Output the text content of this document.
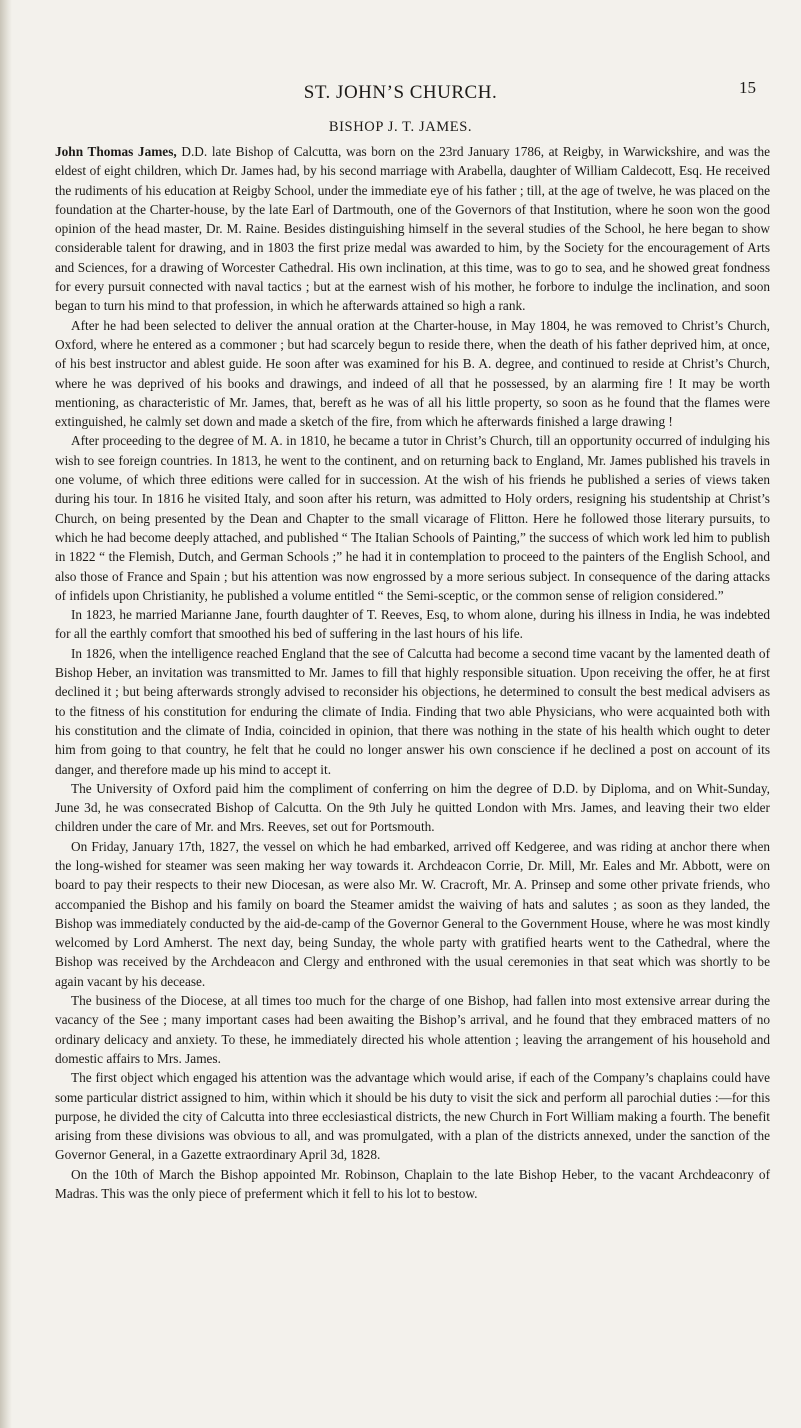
ST. JOHN’S CHURCH.	15
BISHOP J. T. JAMES.

John Thomas James, D.D. late Bishop of Calcutta, was born on the 23rd January 1786, at Reigby, in Warwickshire, and was the eldest of eight children, which Dr. James had, by his second marriage with Arabella, daughter of William Caldecott, Esq. He received the rudiments of his education at Reigby School, under the immediate eye of his father ; till, at the age of twelve, he was placed on the foundation at the Charter-house, by the late Earl of Dartmouth, one of the Governors of that Institution, where he soon won the good opinion of the head master, Dr. M. Raine. Besides distinguishing himself in the several studies of the School, he here began to show considerable talent for drawing, and in 1803 the first prize medal was awarded to him, by the Society for the encouragement of Arts and Sciences, for a drawing of Worcester Cathedral. His own inclination, at this time, was to go to sea, and he showed great fondness for every pursuit connected with naval tactics ; but at the earnest wish of his mother, he forbore to indulge the inclination, and soon began to turn his mind to that profession, in which he afterwards attained so high a rank.

After he had been selected to deliver the annual oration at the Charter-house, in May 1804, he was removed to Christ’s Church, Oxford, where he entered as a commoner ; but had scarcely begun to reside there, when the death of his father deprived him, at once, of his best instructor and ablest guide. He soon after was examined for his B. A. degree, and continued to reside at Christ’s Church, where he was deprived of his books and drawings, and indeed of all that he possessed, by an alarming fire ! It may be worth mentioning, as characteristic of Mr. James, that, bereft as he was of all his little property, so soon as he found that the flames were extinguished, he calmly set down and made a sketch of the fire, from which he afterwards finished a large drawing !

After proceeding to the degree of M. A. in 1810, he became a tutor in Christ’s Church, till an opportunity occurred of indulging his wish to see foreign countries. In 1813, he went to the continent, and on returning back to England, Mr. James published his travels in one volume, of which three editions were called for in succession. At the wish of his friends he published a series of views taken during his tour. In 1816 he visited Italy, and soon after his return, was admitted to Holy orders, resigning his studentship at Christ’s Church, on being presented by the Dean and Chapter to the small vicarage of Flitton. Here he followed those literary pursuits, to which he had become deeply attached, and published “ The Italian Schools of Painting,” the success of which work led him to publish in 1822 “ the Flemish, Dutch, and German Schools ;” he had it in contemplation to proceed to the painters of the English School, and also those of France and Spain ; but his attention was now engrossed by a more serious subject. In consequence of the daring attacks of infidels upon Christianity, he published a volume entitled “ the Semi-sceptic, or the common sense of religion considered.”

In 1823, he married Marianne Jane, fourth daughter of T. Reeves, Esq, to whom alone, during his illness in India, he was indebted for all the earthly comfort that smoothed his bed of suffering in the last hours of his life.

In 1826, when the intelligence reached England that the see of Calcutta had become a second time vacant by the lamented death of Bishop Heber, an invitation was transmitted to Mr. James to fill that highly responsible situation. Upon receiving the offer, he at first declined it ; but being afterwards strongly advised to reconsider his objections, he determined to consult the best medical advisers as to the fitness of his constitution for enduring the climate of India. Finding that two able Physicians, who were acquainted both with his constitution and the climate of India, coincided in opinion, that there was nothing in the state of his health which ought to deter him from going to that country, he felt that he could no longer answer his own conscience if he declined a post on account of its danger, and therefore made up his mind to accept it.

The University of Oxford paid him the compliment of conferring on him the degree of D.D. by Diploma, and on Whit-Sunday, June 3d, he was consecrated Bishop of Calcutta. On the 9th July he quitted London with Mrs. James, and leaving their two elder children under the care of Mr. and Mrs. Reeves, set out for Portsmouth.

On Friday, January 17th, 1827, the vessel on which he had embarked, arrived off Kedgeree, and was riding at anchor there when the long-wished for steamer was seen making her way towards it. Archdeacon Corrie, Dr. Mill, Mr. Eales and Mr. Abbott, were on board to pay their respects to their new Diocesan, as were also Mr. W. Cracroft, Mr. A. Prinsep and some other private friends, who accompanied the Bishop and his family on board the Steamer amidst the waiving of hats and salutes ; as soon as they landed, the Bishop was immediately conducted by the aid-de-camp of the Governor General to the Government House, where he was most kindly welcomed by Lord Amherst. The next day, being Sunday, the whole party with gratified hearts went to the Cathedral, where the Bishop was received by the Archdeacon and Clergy and enthroned with the usual ceremonies in that seat which was shortly to be again vacant by his decease.

The business of the Diocese, at all times too much for the charge of one Bishop, had fallen into most extensive arrear during the vacancy of the See ; many important cases had been awaiting the Bishop’s arrival, and he found that they embraced matters of no ordinary delicacy and anxiety. To these, he immediately directed his whole attention ; leaving the arrangement of his household and domestic affairs to Mrs. James.

The first object which engaged his attention was the advantage which would arise, if each of the Company’s chaplains could have some particular district assigned to him, within which it should be his duty to visit the sick and perform all parochial duties :—for this purpose, he divided the city of Calcutta into three ecclesiastical districts, the new Church in Fort William making a fourth. The benefit arising from these divisions was obvious to all, and was promulgated, with a plan of the districts annexed, under the sanction of the Governor General, in a Gazette extraordinary April 3d, 1828.

On the 10th of March the Bishop appointed Mr. Robinson, Chaplain to the late Bishop Heber, to the vacant Archdeaconry of Madras. This was the only piece of preferment which it fell to his lot to bestow.
